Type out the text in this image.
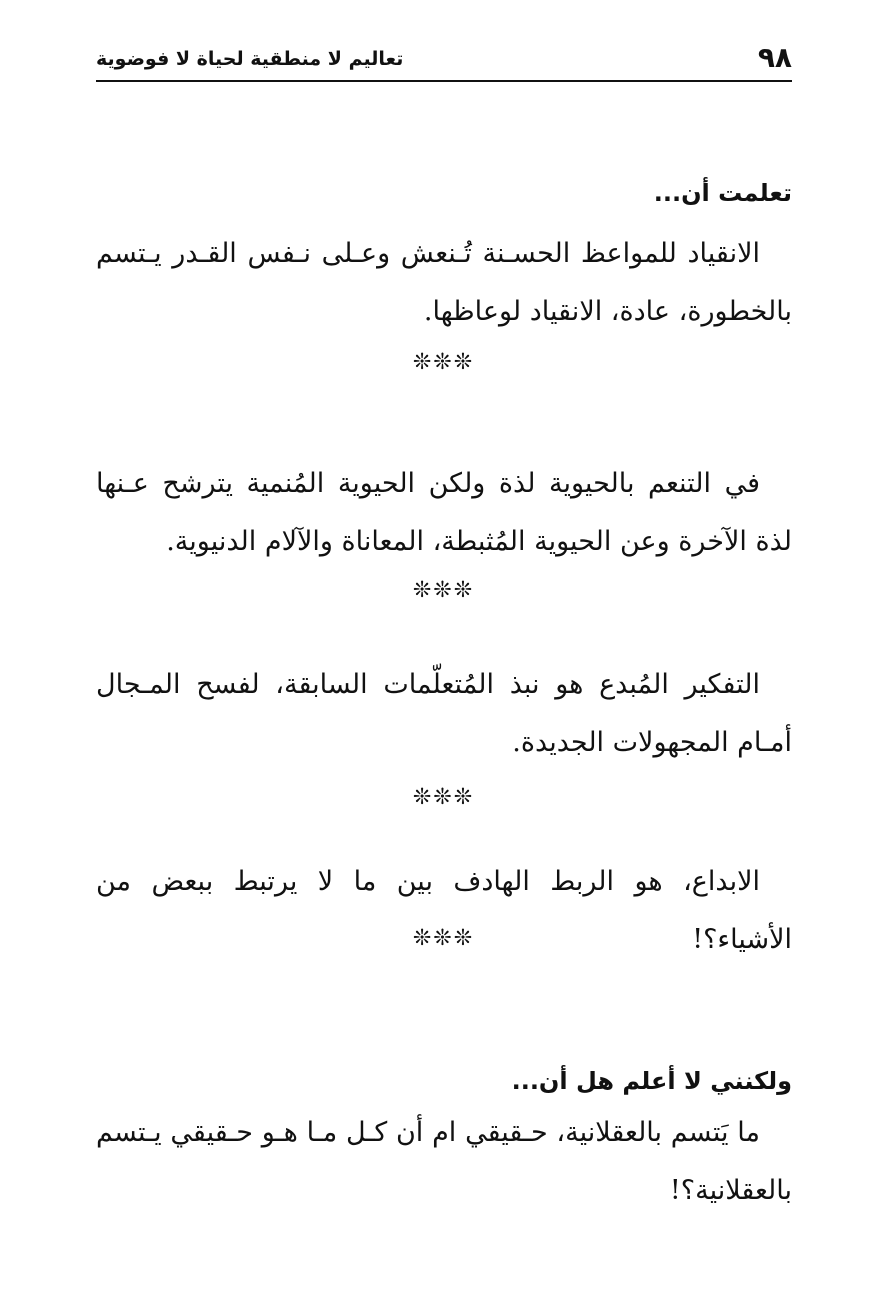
٩٨
تعاليم لا منطقية لحياة لا فوضوية
تعلمت أن...
الانقياد للمواعظ الحسـنة تُـنعش وعـلى نـفس القـدر يـتسم بالخطورة، عادة، الانقياد لوعاظها.
❊❊❊
في التنعم بالحيوية لذة ولكن الحيوية المُنمية يترشح عـنها لذة الآخرة وعن الحيوية المُثبطة، المعاناة والآلام الدنيوية.
❊❊❊
التفكير المُبدع هو نبذ المُتعلّمات السابقة، لفسح المـجال أمـام المجهولات الجديدة.
❊❊❊
الابداع، هو الربط الهادف بين ما لا يرتبط ببعض من الأشياء؟!
❊❊❊
ولكنني لا أعلم هل أن...
ما يَتسم بالعقلانية، حـقيقي ام أن كـل مـا هـو حـقيقي يـتسم بالعقلانية؟!
